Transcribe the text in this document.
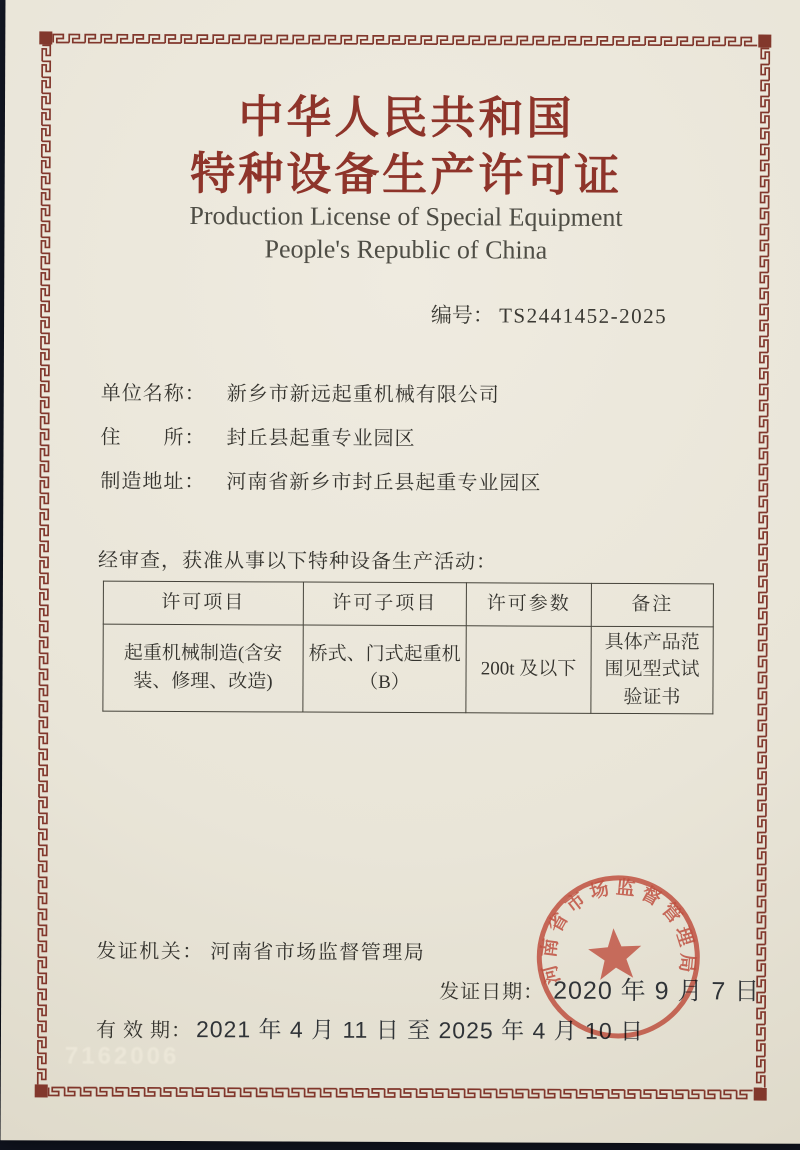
中华人民共和国
特种设备生产许可证
Production License of Special Equipment
People's Republic of China
编号： TS2441452-2025
单位名称： 新乡市新远起重机械有限公司
住　　所： 封丘县起重专业园区
制造地址： 河南省新乡市封丘县起重专业园区
经审查，获准从事以下特种设备生产活动：
许可项目	许可子项目	许可参数	备注
起重机械制造(含安装、修理、改造)	桥式、门式起重机（B）	200t 及以下	具体产品范围见型式试验证书
发证机关： 河南省市场监督管理局
发证日期： 2020 年 9 月 7 日
有 效 期： 2021 年 4 月 11 日 至 2025 年 4 月 10 日
7162006
河南省市场监督管理局
